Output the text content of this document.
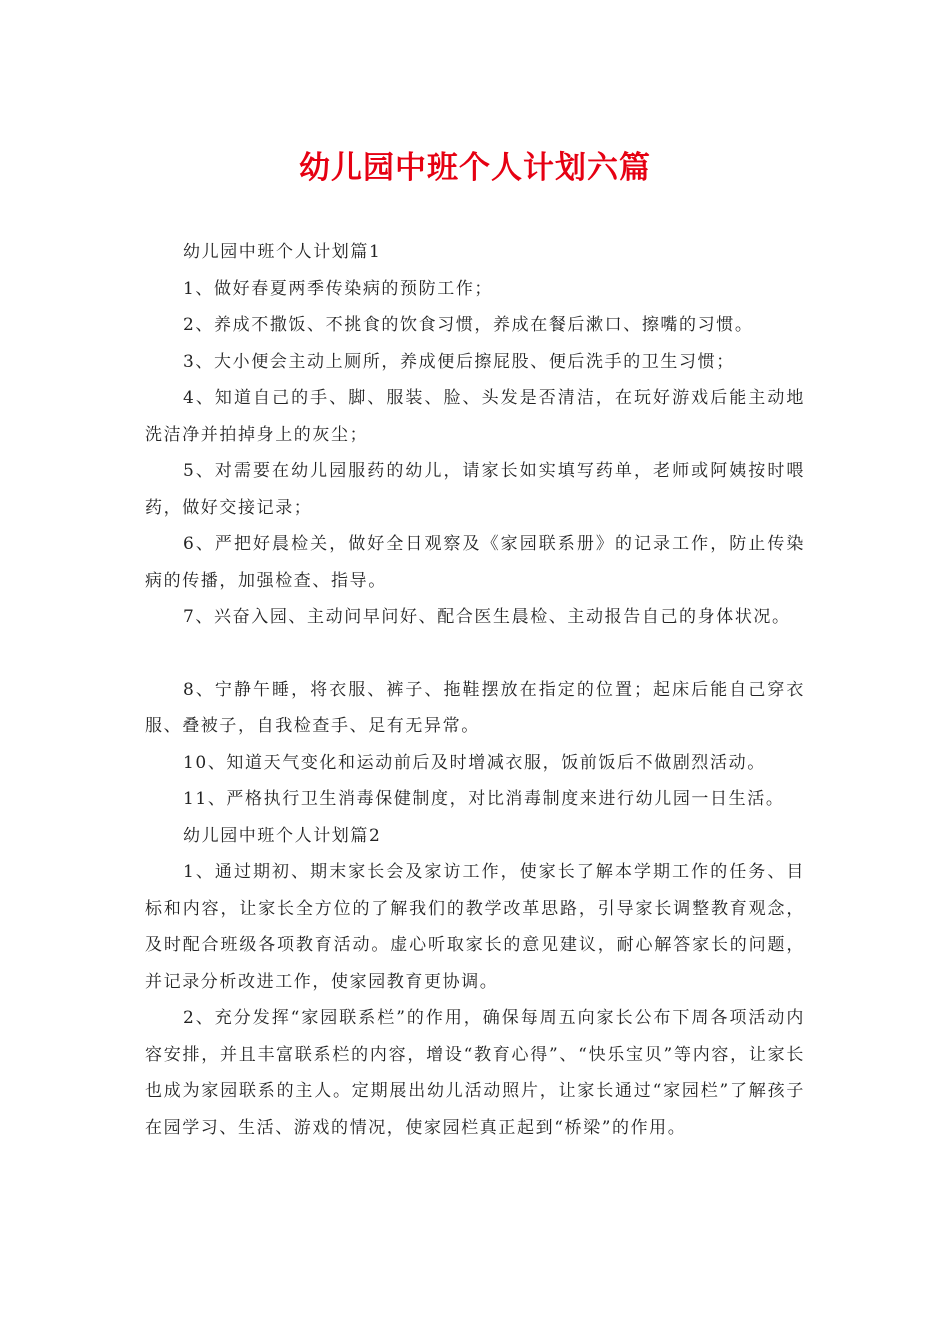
幼儿园中班个人计划六篇

幼儿园中班个人计划篇1

1、做好春夏两季传染病的预防工作；

2、养成不撒饭、不挑食的饮食习惯，养成在餐后漱口、擦嘴的习惯。

3、大小便会主动上厕所，养成便后擦屁股、便后洗手的卫生习惯；

4、知道自己的手、脚、服装、脸、头发是否清洁，在玩好游戏后能主动地洗洁净并拍掉身上的灰尘；

5、对需要在幼儿园服药的幼儿，请家长如实填写药单，老师或阿姨按时喂药，做好交接记录；

6、严把好晨检关，做好全日观察及《家园联系册》的记录工作，防止传染病的传播，加强检查、指导。

7、兴奋入园、主动问早问好、配合医生晨检、主动报告自己的身体状况。

8、宁静午睡，将衣服、裤子、拖鞋摆放在指定的位置；起床后能自己穿衣服、叠被子，自我检查手、足有无异常。

10、知道天气变化和运动前后及时增减衣服，饭前饭后不做剧烈活动。

11、严格执行卫生消毒保健制度，对比消毒制度来进行幼儿园一日生活。

幼儿园中班个人计划篇2

1、通过期初、期末家长会及家访工作，使家长了解本学期工作的任务、目标和内容，让家长全方位的了解我们的教学改革思路，引导家长调整教育观念，及时配合班级各项教育活动。虚心听取家长的意见建议，耐心解答家长的问题，并记录分析改进工作，使家园教育更协调。

2、充分发挥“家园联系栏”的作用，确保每周五向家长公布下周各项活动内容安排，并且丰富联系栏的内容，增设“教育心得”、“快乐宝贝”等内容，让家长也成为家园联系的主人。定期展出幼儿活动照片，让家长通过“家园栏”了解孩子在园学习、生活、游戏的情况，使家园栏真正起到“桥梁”的作用。
